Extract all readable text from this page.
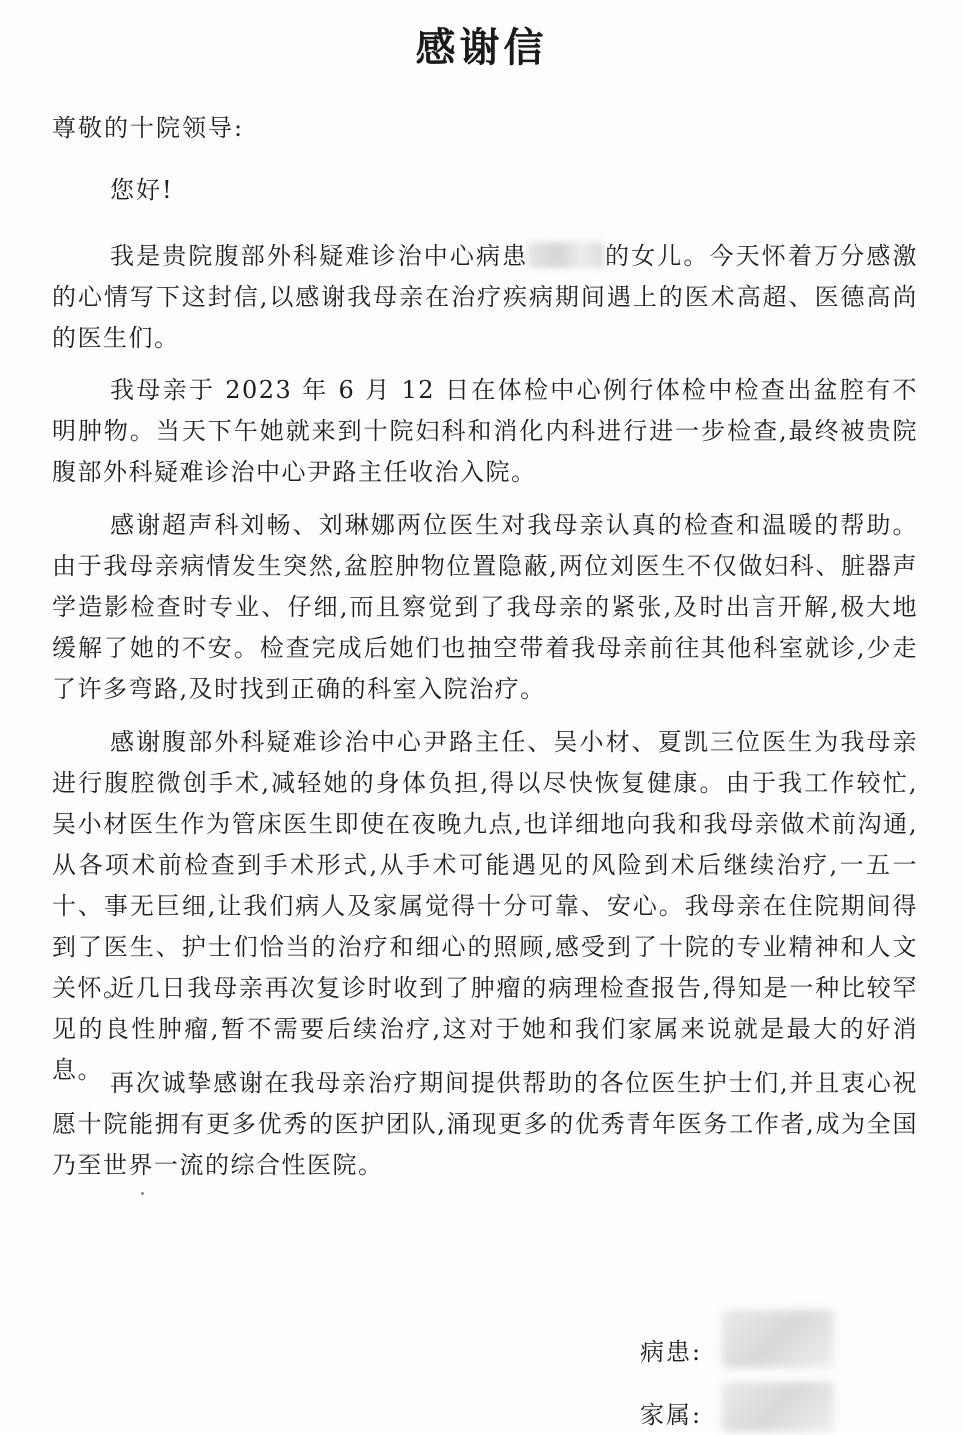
感谢信
尊敬的十院领导:
您好!

我是贵院腹部外科疑难诊治中心病患	的女儿。今天怀着万分感激的心情写下这封信,以感谢我母亲在治疗疾病期间遇上的医术高超、医德高尚的医生们。

我母亲于 2023 年 6 月 12 日在体检中心例行体检中检查出盆腔有不明肿物。当天下午她就来到十院妇科和消化内科进行进一步检查,最终被贵院腹部外科疑难诊治中心尹路主任收治入院。

感谢超声科刘畅、刘琳娜两位医生对我母亲认真的检查和温暖的帮助。由于我母亲病情发生突然,盆腔肿物位置隐蔽,两位刘医生不仅做妇科、脏器声学造影检查时专业、仔细,而且察觉到了我母亲的紧张,及时出言开解,极大地缓解了她的不安。检查完成后她们也抽空带着我母亲前往其他科室就诊,少走了许多弯路,及时找到正确的科室入院治疗。

感谢腹部外科疑难诊治中心尹路主任、吴小材、夏凯三位医生为我母亲进行腹腔微创手术,减轻她的身体负担,得以尽快恢复健康。由于我工作较忙,吴小材医生作为管床医生即使在夜晚九点,也详细地向我和我母亲做术前沟通,从各项术前检查到手术形式,从手术可能遇见的风险到术后继续治疗,一五一十、事无巨细,让我们病人及家属觉得十分可靠、安心。我母亲在住院期间得到了医生、护士们恰当的治疗和细心的照顾,感受到了十院的专业精神和人文关怀。

近几日我母亲再次复诊时收到了肿瘤的病理检查报告,得知是一种比较罕见的良性肿瘤,暂不需要后续治疗,这对于她和我们家属来说就是最大的好消息。 再次诚挚感谢在我母亲治疗期间提供帮助的各位医生护士们,并且衷心祝愿十院能拥有更多优秀的医护团队,涌现更多的优秀青年医务工作者,成为全国乃至世界一流的综合性医院。

病患:
家属:
